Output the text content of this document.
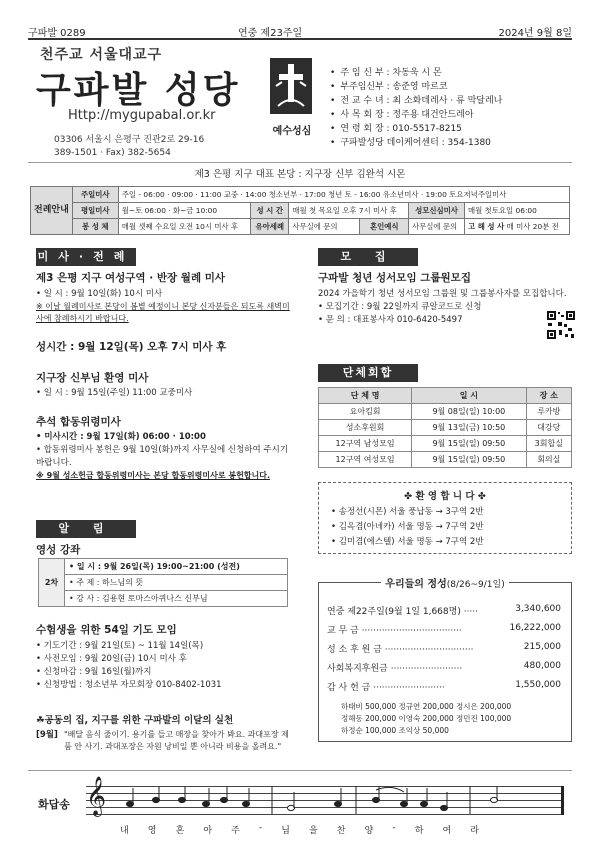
구파발 0289	연중 제23주일	2024년 9월 8일
천주교 서울대교구
구파발 성당
Http://mygupabal.or.kr
03306 서울시 은평구 진관2로 29-16
389-1501 · Fax) 382-5654
예수성심
• 주 임 신 부 : 차동욱 시 몬
• 부주임신부 : 송준영 마르코
• 전 교 수 녀 : 최 소화데레사 · 류 막달레나
• 사 목 회 장 : 정주용 대건안드레아
• 연 령 회 장 : 010-5517-8215
• 구파발성당 데이케어센터 : 354-1380
제3 은평 지구 대표 본당 : 지구장 신부 김완석 시몬
전례안내	주일미사	주일 - 06:00 · 09:00 · 11:00 교중 · 14:00 청소년부 · 17:00 청년 토 - 16:00 유소년미사 · 19:00 토요저녁주일미사					
	평일미사	월~토 06:00 · 화~금 10:00	성 시 간	매월 첫 목요일 오후 7시 미사 후		성모신심미사	매월 첫토요일 06:00
	봉 성 체	매월 셋째 수요일 오전 10시 미사 후	유아세례	사무실에 문의	혼인예식	사무실에 문의	고 해 성 사 매 미사 20분 전
미사·전례
제3 은평 지구 여성구역 · 반장 월례 미사
• 일 시 : 9월 10일(화) 10시 미사
※ 이날 월례미사로 본당이 봄볕 예정이니 본당 신자분들은 되도록 새벽미사에 참례하시기 바랍니다.
성시간 : 9월 12일(목) 오후 7시 미사 후
지구장 신부님 환영 미사
• 일 시 : 9월 15일(주일) 11:00 교중미사
추석 합동위령미사
• 미사시간 : 9월 17일(화) 06:00 · 10:00
• 합동위령미사 봉헌은 9월 10일(화)까지 사무실에 신청하여 주시기 바랍니다.
※ 9월 성소헌금 합동위령미사는 본당 합동위령미사로 봉헌합니다.
알 림
영성 강좌
2차	• 일 시 : 9월 26일(목) 19:00~21:00 (성전)
• 주 제 : 하느님의 뜻
• 강 사 : 김용현 토마스아퀴나스 신부님
수험생을 위한 54일 기도 모임
• 기도기간 : 9월 21일(토) ~ 11월 14일(목)
• 사전모임 : 9월 20일(금) 10시 미사 후
• 신청마감 : 9월 16일(월)까지
• 신청방법 : 청소년부 자모회장 010-8402-1031
☘공동의 집, 지구를 위한 구파발의 이달의 실천
[9월] "배달 음식 줄이기. 용기를 들고 매장을 찾아가 봐요. 과대포장 제품 안 사기. 과대포장은 자원 낭비일 뿐 아니라 비용을 올려요."
모 집
구파발 청년 성서모임 그룹원모집
2024 가을학기 청년 성서모임 그룹원 및 그룹봉사자를 모집합니다.
• 모집기간 : 9월 22일까지 큐알코드로 신청
• 문 의 : 대표봉사자 010-6420-5497
단체회합
단 체 명	일 시	장 소
요아킴회	9월 08일(일) 10:00	루카방
성소후원회	9월 13일(금) 10:50	대강당
12구역 남성모임	9월 15일(일) 09:50	3회합실
12구역 여성모임	9월 15일(일) 09:50	회의실
✤ 환 영 합 니 다 ✤
• 송정선(시몬) 서울 풍납동 → 3구역 2반
• 김옥겸(아녜카) 서울 명동 → 7구역 2반
• 김미겸(에스텔) 서울 명동 → 7구역 2반
우리들의 정성(8/26~9/1일)
연중 제22주일(9월 1일 1,668명) ·····	3,340,600
교 무 금 ···································	16,222,000
성 소 후 원 금 ·······························	215,000
사회복지후원금 ·························	480,000
감 사 헌 금 ·························	1,550,000
하태비 500,000 정규연 200,000 정시은 200,000
정해동 200,000 이영숙 200,000 정민진 100,000
하정순 100,000 조익상 50,000
화답송 𝄞
내 영 혼 아 주 - 님 을 찬 양 - 하 여 라
